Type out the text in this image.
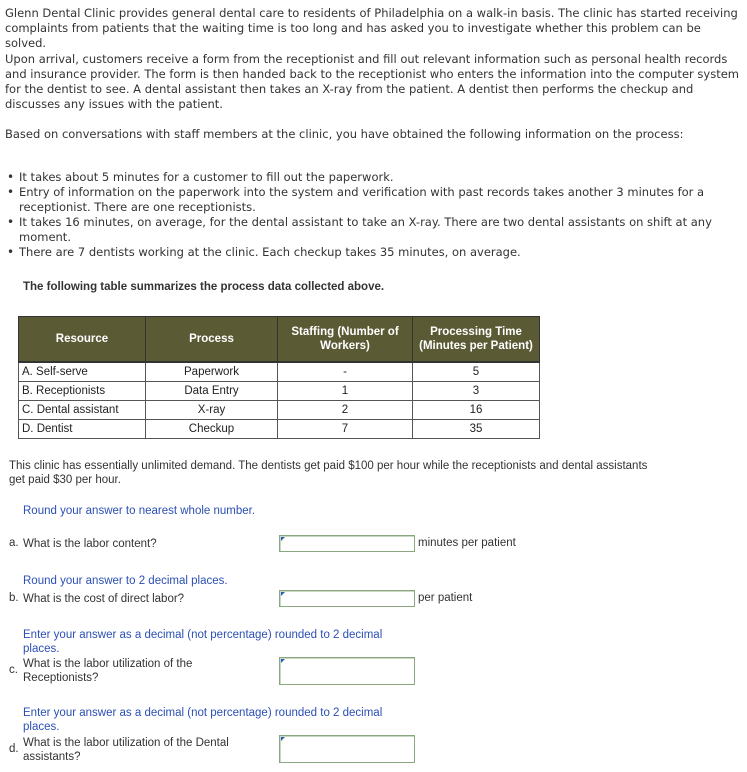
Glenn Dental Clinic provides general dental care to residents of Philadelphia on a walk-in basis. The clinic has started receiving complaints from patients that the waiting time is too long and has asked you to investigate whether this problem can be solved.
Upon arrival, customers receive a form from the receptionist and fill out relevant information such as personal health records and insurance provider. The form is then handed back to the receptionist who enters the information into the computer system for the dentist to see. A dental assistant then takes an X-ray from the patient. A dentist then performs the checkup and discusses any issues with the patient.
Based on conversations with staff members at the clinic, you have obtained the following information on the process:
• It takes about 5 minutes for a customer to fill out the paperwork.
• Entry of information on the paperwork into the system and verification with past records takes another 3 minutes for a receptionist. There are one receptionists.
• It takes 16 minutes, on average, for the dental assistant to take an X-ray. There are two dental assistants on shift at any moment.
• There are 7 dentists working at the clinic. Each checkup takes 35 minutes, on average.
The following table summarizes the process data collected above.
Resource	Process	Staffing (Number of Workers)	Processing Time (Minutes per Patient)
A. Self-serve	Paperwork	-	5
B. Receptionists	Data Entry	1	3
C. Dental assistant	X-ray	2	16
D. Dentist	Checkup	7	35
This clinic has essentially unlimited demand. The dentists get paid $100 per hour while the receptionists and dental assistants get paid $30 per hour.
Round your answer to nearest whole number.
a. What is the labor content?	minutes per patient
Round your answer to 2 decimal places.
b. What is the cost of direct labor?	per patient
Enter your answer as a decimal (not percentage) rounded to 2 decimal places.
c. What is the labor utilization of the Receptionists?
Enter your answer as a decimal (not percentage) rounded to 2 decimal places.
d. What is the labor utilization of the Dental assistants?
